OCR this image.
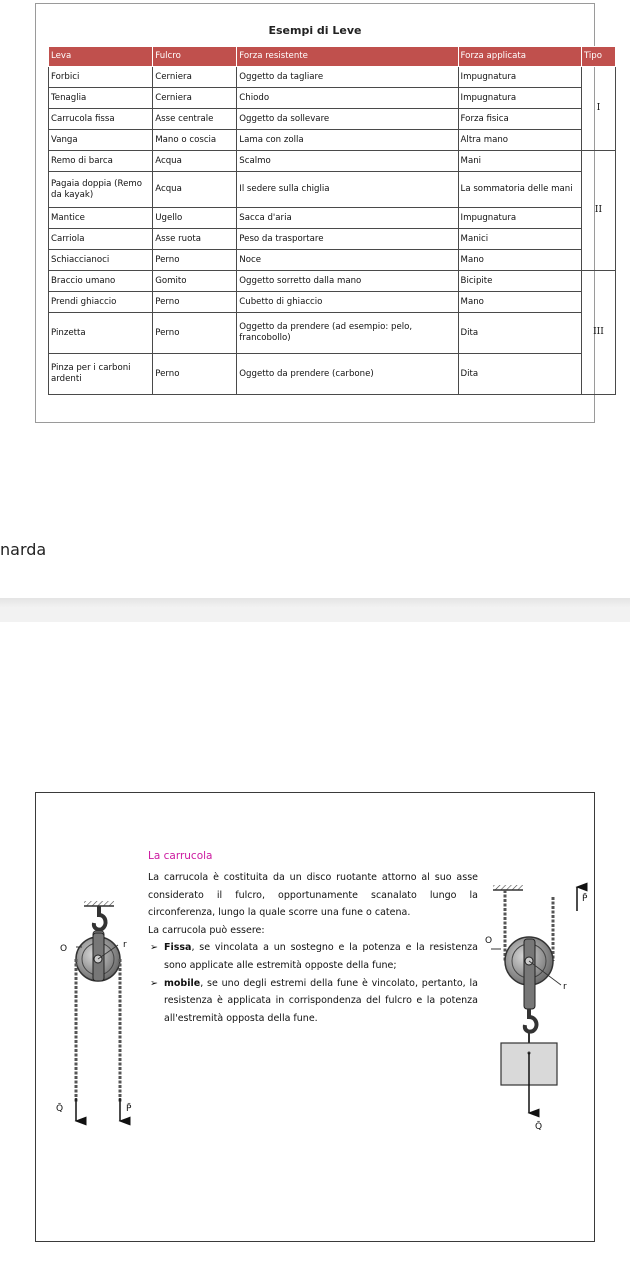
Esempi di Leve
Leva	Fulcro	Forza resistente	Forza applicata	Tipo
Forbici	Cerniera	Oggetto da tagliare	Impugnatura	I
Tenaglia	Cerniera	Chiodo	Impugnatura	
Carrucola fissa	Asse centrale	Oggetto da sollevare	Forza fisica	
Vanga	Mano o coscia	Lama con zolla	Altra mano	
Remo di barca	Acqua	Scalmo	Mani	II
Pagaia doppia (Remo da kayak)	Acqua	Il sedere sulla chiglia	La sommatoria delle mani	
Mantice	Ugello	Sacca d'aria	Impugnatura	
Carriola	Asse ruota	Peso da trasportare	Manici	
Schiaccianoci	Perno	Noce	Mano	
Braccio umano	Gomito	Oggetto sorretto dalla mano	Bicipite	III
Prendi ghiaccio	Perno	Cubetto di ghiaccio	Mano	
Pinzetta	Perno	Oggetto da prendere (ad esempio: pelo, francobollo)	Dita	
Pinza per i carboni ardenti	Perno	Oggetto da prendere (carbone)	Dita	
narda
La carrucola

La carrucola è costituita da un disco ruotante attorno al suo asse considerato il fulcro, opportunamente scanalato lungo la circonferenza, lungo la quale scorre una fune o catena.

La carrucola può essere:

➢ Fissa, se vincolata a un sostegno e la potenza e la resistenza sono applicate alle estremità opposte della fune;

➢ mobile, se uno degli estremi della fune è vincolato, pertanto, la resistenza è applicata in corrispondenza del fulcro e la potenza all'estremità opposta della fune.

O	r
Q̄	P̄
O
r
Q̄
P̄
